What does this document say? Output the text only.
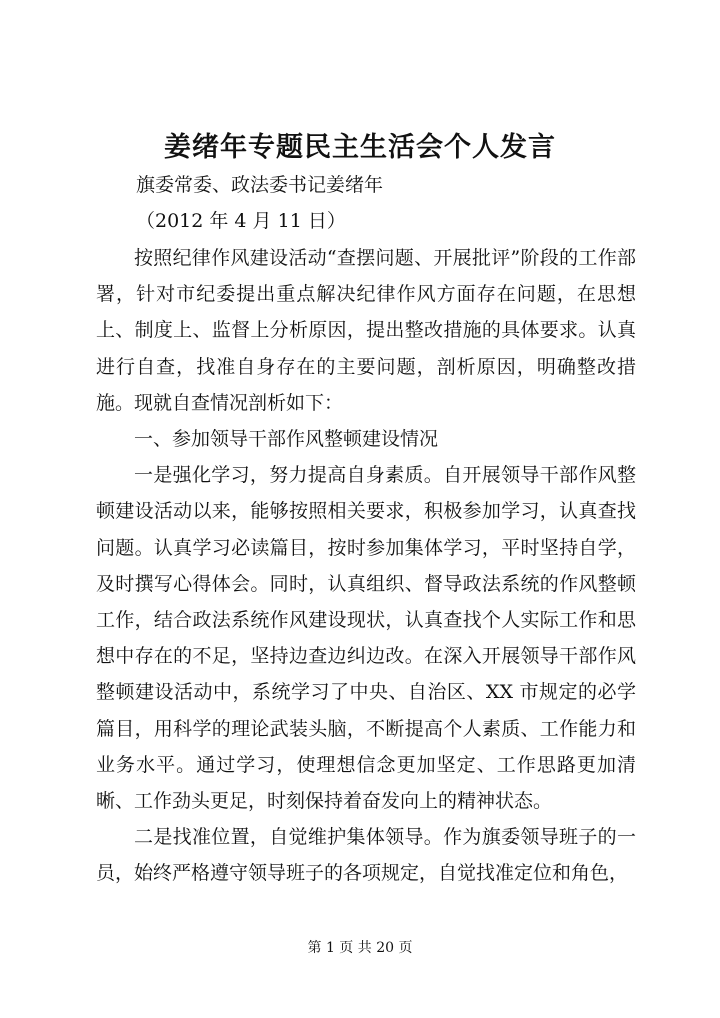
姜绪年专题民主生活会个人发言
旗委常委、政法委书记姜绪年
（2012 年 4 月 11 日）

按照纪律作风建设活动“查摆问题、开展批评”阶段的工作部署，针对市纪委提出重点解决纪律作风方面存在问题，在思想上、制度上、监督上分析原因，提出整改措施的具体要求。认真进行自查，找准自身存在的主要问题，剖析原因，明确整改措施。现就自查情况剖析如下：

一、参加领导干部作风整顿建设情况

一是强化学习，努力提高自身素质。自开展领导干部作风整顿建设活动以来，能够按照相关要求，积极参加学习，认真查找问题。认真学习必读篇目，按时参加集体学习，平时坚持自学，及时撰写心得体会。同时，认真组织、督导政法系统的作风整顿工作，结合政法系统作风建设现状，认真查找个人实际工作和思想中存在的不足，坚持边查边纠边改。在深入开展领导干部作风整顿建设活动中，系统学习了中央、自治区、XX 市规定的必学篇目，用科学的理论武装头脑，不断提高个人素质、工作能力和业务水平。通过学习，使理想信念更加坚定、工作思路更加清晰、工作劲头更足，时刻保持着奋发向上的精神状态。

二是找准位置，自觉维护集体领导。作为旗委领导班子的一员，始终严格遵守领导班子的各项规定，自觉找准定位和角色，

第 1 页 共 20 页
